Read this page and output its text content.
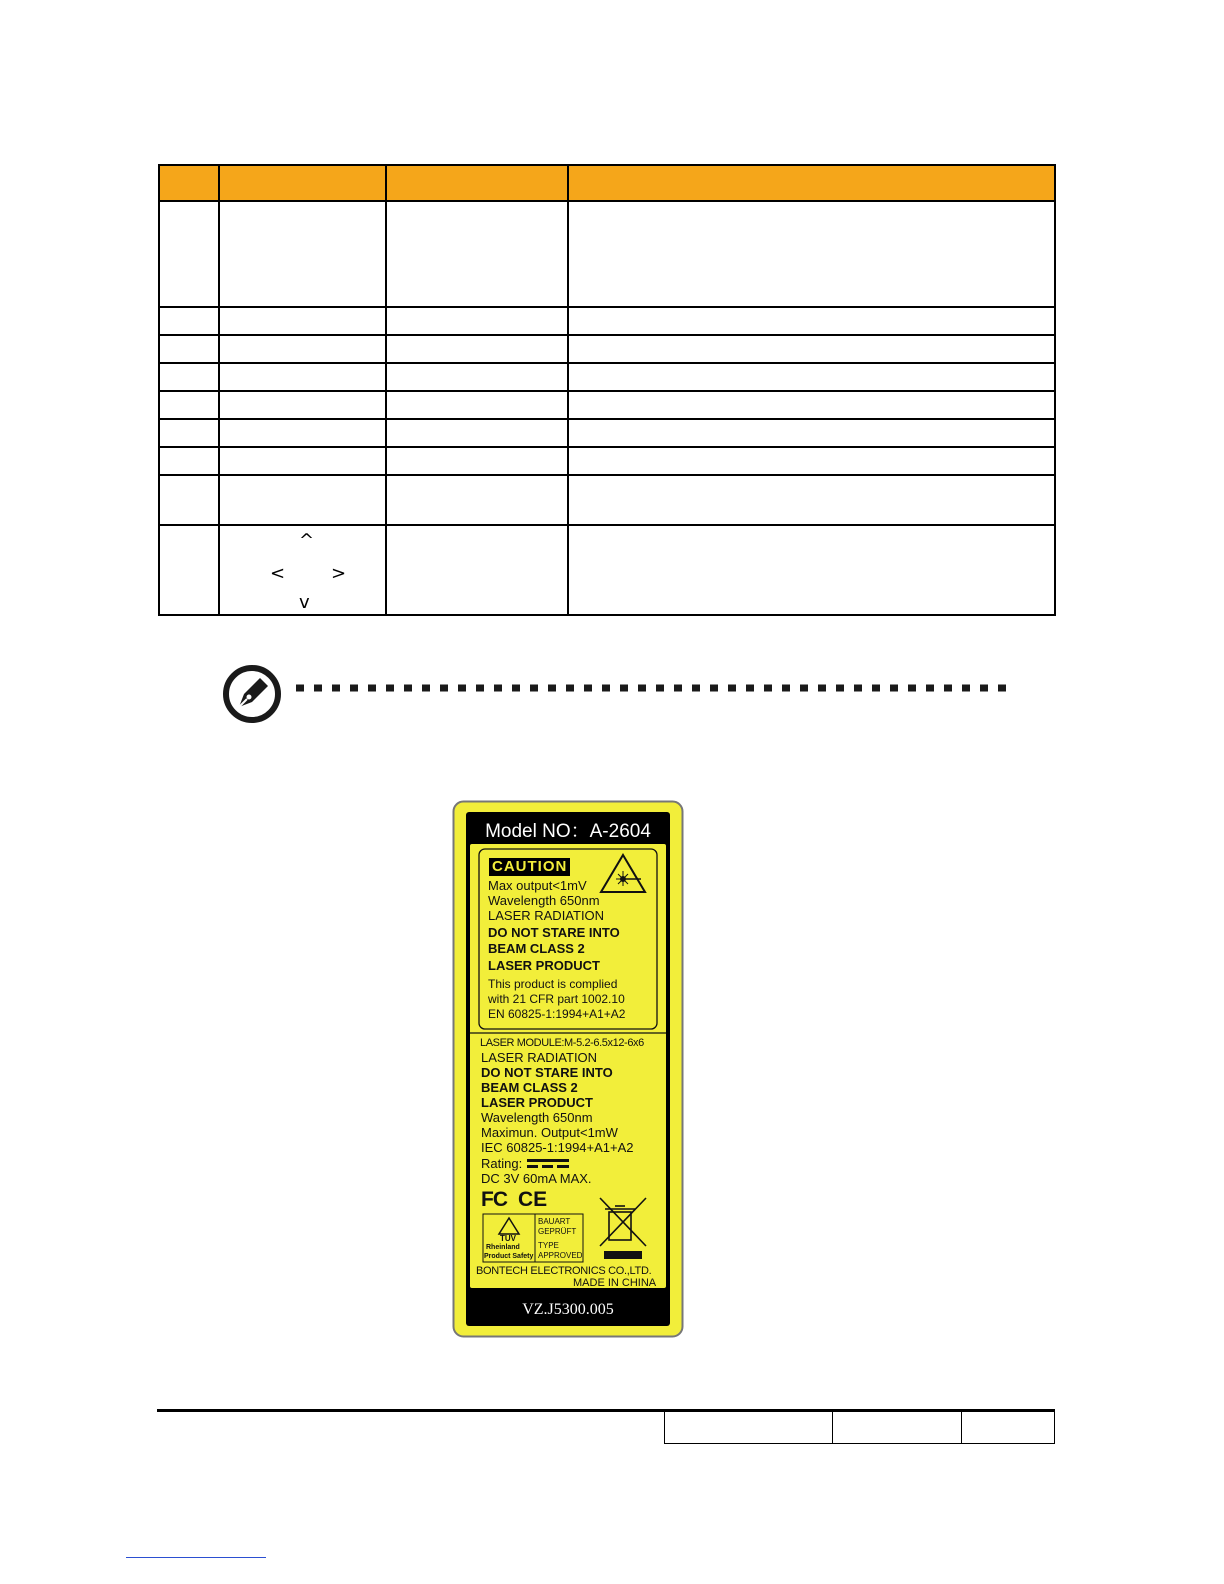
	^
< >
v		

Model NO：A-2604
CAUTION
Max output<1mV
Wavelength 650nm
LASER RADIATION
DO NOT STARE INTO
BEAM CLASS 2
LASER PRODUCT
This product is complied
with 21 CFR part 1002.10
EN 60825-1:1994+A1+A2
LASER MODULE:M-5.2-6.5x12-6x6
LASER RADIATION
DO NOT STARE INTO
BEAM CLASS 2
LASER PRODUCT
Wavelength 650nm
Maximun. Output<1mW
IEC 60825-1:1994+A1+A2
Rating:
DC 3V 60mA MAX.
FC CE
TÜV
Rheinland
Product Safety
BAUART
GEPRÜFT
TYPE
APPROVED
BONTECH ELECTRONICS CO.,LTD.
MADE IN CHINA
VZ.J5300.005
